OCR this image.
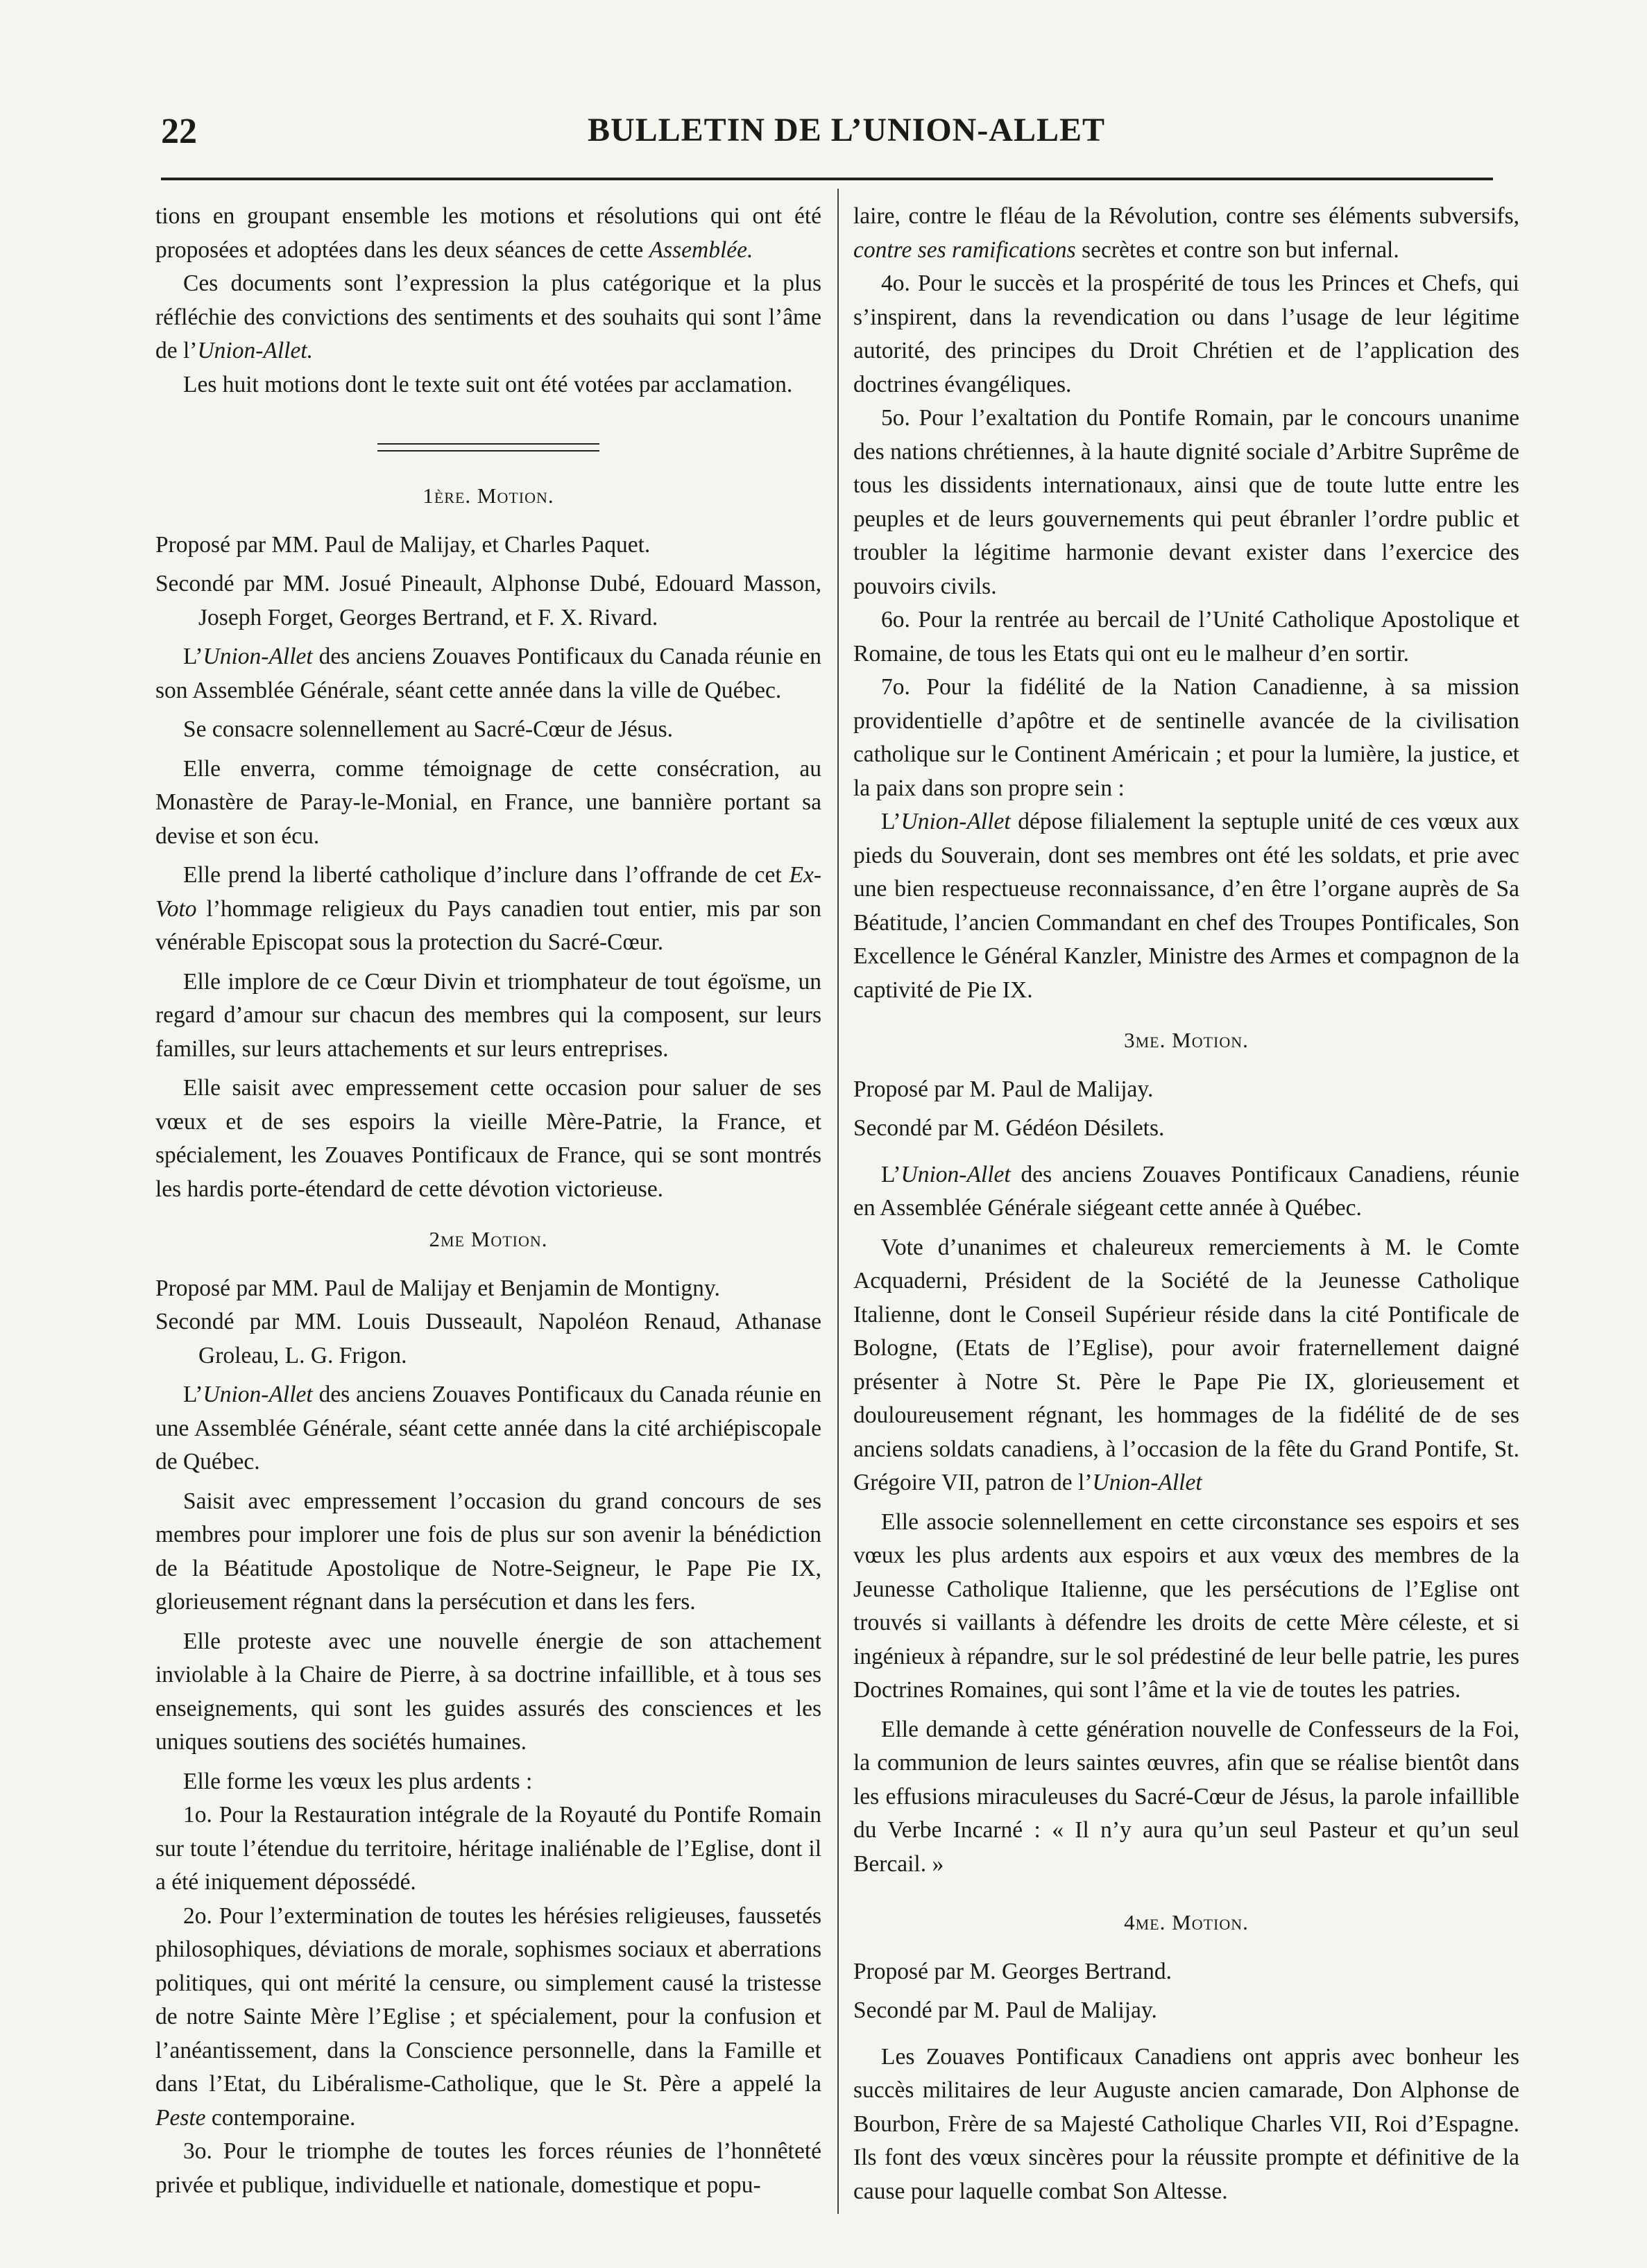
22	BULLETIN DE L’UNION-ALLET

tions en groupant ensemble les motions et résolutions qui ont été proposées et adoptées dans les deux séances de cette Assemblée.

Ces documents sont l’expression la plus catégorique et la plus réfléchie des convictions des sentiments et des souhaits qui sont l’âme de l’Union-Allet.

Les huit motions dont le texte suit ont été votées par acclamation.

1ère. Motion.

Proposé par MM. Paul de Malijay, et Charles Paquet.

Secondé par MM. Josué Pineault, Alphonse Dubé, Edouard Masson, Joseph Forget, Georges Bertrand, et F. X. Rivard.

L’Union-Allet des anciens Zouaves Pontificaux du Canada réunie en son Assemblée Générale, séant cette année dans la ville de Québec.

Se consacre solennellement au Sacré-Cœur de Jésus.

Elle enverra, comme témoignage de cette consécration, au Monastère de Paray-le-Monial, en France, une bannière portant sa devise et son écu.

Elle prend la liberté catholique d’inclure dans l’offrande de cet Ex-Voto l’hommage religieux du Pays canadien tout entier, mis par son vénérable Episcopat sous la protection du Sacré-Cœur.

Elle implore de ce Cœur Divin et triomphateur de tout égoïsme, un regard d’amour sur chacun des membres qui la composent, sur leurs familles, sur leurs attachements et sur leurs entreprises.

Elle saisit avec empressement cette occasion pour saluer de ses vœux et de ses espoirs la vieille Mère-Patrie, la France, et spécialement, les Zouaves Pontificaux de France, qui se sont montrés les hardis porte-étendard de cette dévotion victorieuse.

2me Motion.

Proposé par MM. Paul de Malijay et Benjamin de Montigny.

Secondé par MM. Louis Dusseault, Napoléon Renaud, Athanase Groleau, L. G. Frigon.

L’Union-Allet des anciens Zouaves Pontificaux du Canada réunie en une Assemblée Générale, séant cette année dans la cité archiépiscopale de Québec.

Saisit avec empressement l’occasion du grand concours de ses membres pour implorer une fois de plus sur son avenir la bénédiction de la Béatitude Apostolique de Notre-Seigneur, le Pape Pie IX, glorieusement régnant dans la persécution et dans les fers.

Elle proteste avec une nouvelle énergie de son attachement inviolable à la Chaire de Pierre, à sa doctrine infaillible, et à tous ses enseignements, qui sont les guides assurés des consciences et les uniques soutiens des sociétés humaines.

Elle forme les vœux les plus ardents :

1o. Pour la Restauration intégrale de la Royauté du Pontife Romain sur toute l’étendue du territoire, héritage inaliénable de l’Eglise, dont il a été iniquement dépossédé.

2o. Pour l’extermination de toutes les hérésies religieuses, faussetés philosophiques, déviations de morale, sophismes sociaux et aberrations politiques, qui ont mérité la censure, ou simplement causé la tristesse de notre Sainte Mère l’Eglise ; et spécialement, pour la confusion et l’anéantissement, dans la Conscience personnelle, dans la Famille et dans l’Etat, du Libéralisme-Catholique, que le St. Père a appelé la Peste contemporaine.

3o. Pour le triomphe de toutes les forces réunies de l’honnêteté privée et publique, individuelle et nationale, domestique et popu-

laire, contre le fléau de la Révolution, contre ses éléments subversifs, contre ses ramifications secrètes et contre son but infernal.

4o. Pour le succès et la prospérité de tous les Princes et Chefs, qui s’inspirent, dans la revendication ou dans l’usage de leur légitime autorité, des principes du Droit Chrétien et de l’application des doctrines évangéliques.

5o. Pour l’exaltation du Pontife Romain, par le concours unanime des nations chrétiennes, à la haute dignité sociale d’Arbitre Suprême de tous les dissidents internationaux, ainsi que de toute lutte entre les peuples et de leurs gouvernements qui peut ébranler l’ordre public et troubler la légitime harmonie devant exister dans l’exercice des pouvoirs civils.

6o. Pour la rentrée au bercail de l’Unité Catholique Apostolique et Romaine, de tous les Etats qui ont eu le malheur d’en sortir.

7o. Pour la fidélité de la Nation Canadienne, à sa mission providentielle d’apôtre et de sentinelle avancée de la civilisation catholique sur le Continent Américain ; et pour la lumière, la justice, et la paix dans son propre sein :

L’Union-Allet dépose filialement la septuple unité de ces vœux aux pieds du Souverain, dont ses membres ont été les soldats, et prie avec une bien respectueuse reconnaissance, d’en être l’organe auprès de Sa Béatitude, l’ancien Commandant en chef des Troupes Pontificales, Son Excellence le Général Kanzler, Ministre des Armes et compagnon de la captivité de Pie IX.

3me. Motion.

Proposé par M. Paul de Malijay.

Secondé par M. Gédéon Désilets.

L’Union-Allet des anciens Zouaves Pontificaux Canadiens, réunie en Assemblée Générale siégeant cette année à Québec.

Vote d’unanimes et chaleureux remerciements à M. le Comte Acquaderni, Président de la Société de la Jeunesse Catholique Italienne, dont le Conseil Supérieur réside dans la cité Pontificale de Bologne, (Etats de l’Eglise), pour avoir fraternellement daigné présenter à Notre St. Père le Pape Pie IX, glorieusement et douloureusement régnant, les hommages de la fidélité de de ses anciens soldats canadiens, à l’occasion de la fête du Grand Pontife, St. Grégoire VII, patron de l’Union-Allet

Elle associe solennellement en cette circonstance ses espoirs et ses vœux les plus ardents aux espoirs et aux vœux des membres de la Jeunesse Catholique Italienne, que les persécutions de l’Eglise ont trouvés si vaillants à défendre les droits de cette Mère céleste, et si ingénieux à répandre, sur le sol prédestiné de leur belle patrie, les pures Doctrines Romaines, qui sont l’âme et la vie de toutes les patries.

Elle demande à cette génération nouvelle de Confesseurs de la Foi, la communion de leurs saintes œuvres, afin que se réalise bientôt dans les effusions miraculeuses du Sacré-Cœur de Jésus, la parole infaillible du Verbe Incarné : « Il n’y aura qu’un seul Pasteur et qu’un seul Bercail. »

4me. Motion.

Proposé par M. Georges Bertrand.

Secondé par M. Paul de Malijay.

Les Zouaves Pontificaux Canadiens ont appris avec bonheur les succès militaires de leur Auguste ancien camarade, Don Alphonse de Bourbon, Frère de sa Majesté Catholique Charles VII, Roi d’Espagne. Ils font des vœux sincères pour la réussite prompte et définitive de la cause pour laquelle combat Son Altesse.
